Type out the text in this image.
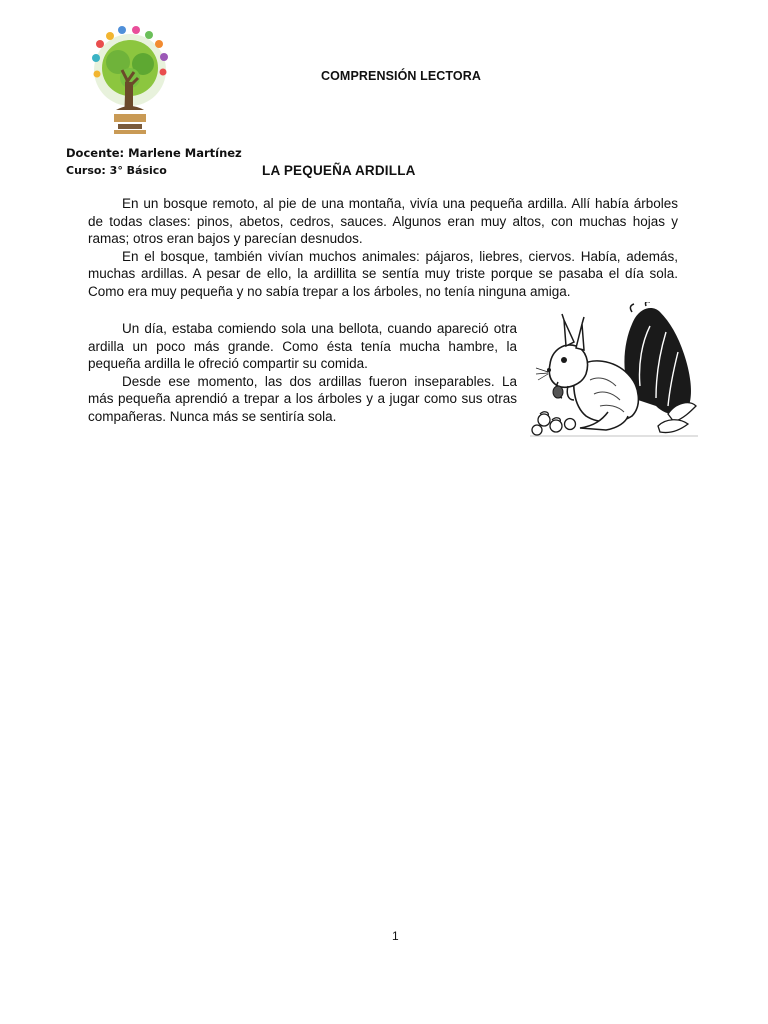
COMPRENSIÓN LECTORA
Docente: Marlene Martínez
Curso: 3° Básico	LA PEQUEÑA ARDILLA

En un bosque remoto, al pie de una montaña, vivía una pequeña ardilla. Allí había árboles de todas clases: pinos, abetos, cedros, sauces. Algunos eran muy altos, con muchas hojas y ramas; otros eran bajos y parecían desnudos.

En el bosque, también vivían muchos animales: pájaros, liebres, ciervos. Había, además, muchas ardillas. A pesar de ello, la ardillita se sentía muy triste porque se pasaba el día sola. Como era muy pequeña y no sabía trepar a los árboles, no tenía ninguna amiga.

Un día, estaba comiendo sola una bellota, cuando apareció otra ardilla un poco más grande. Como ésta tenía mucha hambre, la pequeña ardilla le ofreció compartir su comida.

Desde ese momento, las dos ardillas fueron inseparables. La más pequeña aprendió a trepar a los árboles y a jugar como sus otras compañeras. Nunca más se sentiría sola.

1
